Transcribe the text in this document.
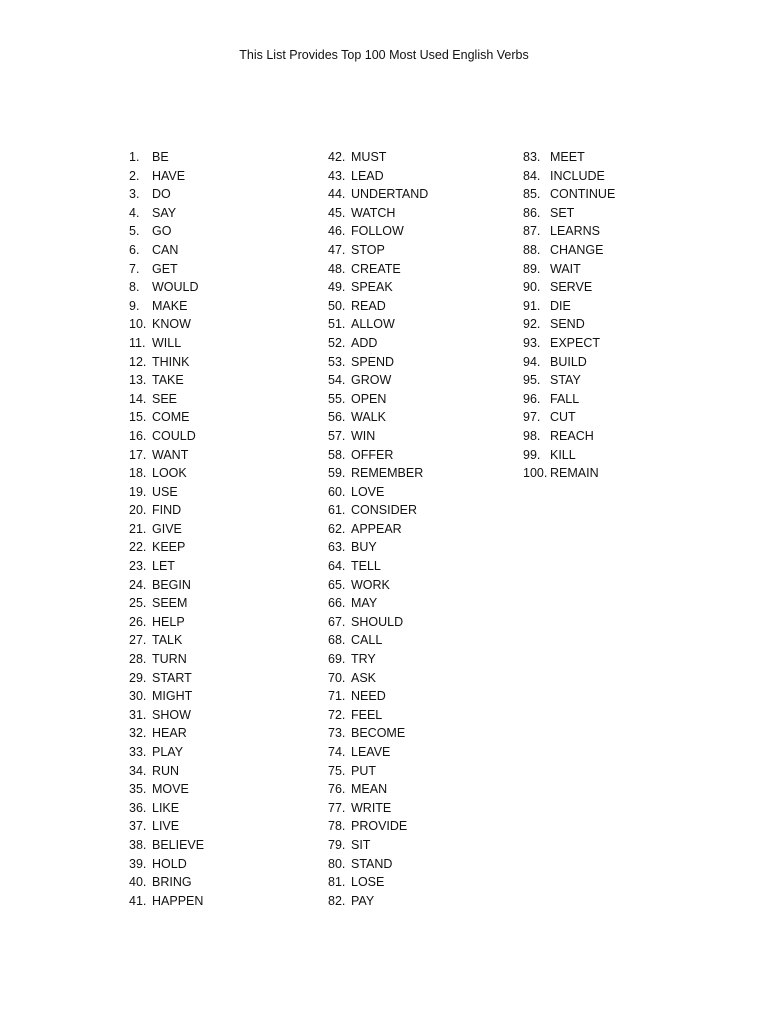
This List Provides Top 100 Most Used English Verbs
1.	BE
2.	HAVE
3.	DO
4.	SAY
5.	GO
6.	CAN
7.	GET
8.	WOULD
9.	MAKE
10. KNOW
11. WILL
12. THINK
13. TAKE
14. SEE
15. COME
16. COULD
17. WANT
18. LOOK
19. USE
20. FIND
21. GIVE
22. KEEP
23. LET
24. BEGIN
25. SEEM
26. HELP
27. TALK
28. TURN
29. START
30. MIGHT
31. SHOW
32. HEAR
33. PLAY
34. RUN
35. MOVE
36. LIKE
37. LIVE
38. BELIEVE
39. HOLD
40. BRING
41. HAPPEN
42. MUST
43. LEAD
44. UNDERTAND
45. WATCH
46. FOLLOW
47. STOP
48. CREATE
49. SPEAK
50. READ
51. ALLOW
52. ADD
53. SPEND
54. GROW
55. OPEN
56. WALK
57. WIN
58. OFFER
59. REMEMBER
60. LOVE
61. CONSIDER
62. APPEAR
63. BUY
64. TELL
65. WORK
66. MAY
67. SHOULD
68. CALL
69. TRY
70. ASK
71. NEED
72. FEEL
73. BECOME
74. LEAVE
75. PUT
76. MEAN
77. WRITE
78. PROVIDE
79. SIT
80. STAND
81. LOSE
82. PAY
83. MEET
84. INCLUDE
85. CONTINUE
86. SET
87. LEARNS
88. CHANGE
89. WAIT
90. SERVE
91. DIE
92. SEND
93. EXPECT
94. BUILD
95. STAY
96. FALL
97. CUT
98. REACH
99. KILL
100. REMAIN
